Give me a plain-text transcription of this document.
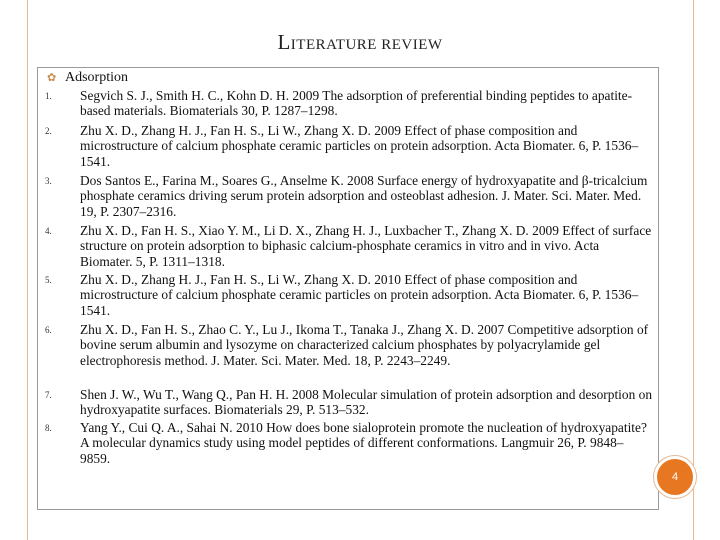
LITERATURE REVIEW
✿ Adsorption
1. Segvich S. J., Smith H. C., Kohn D. H. 2009 The adsorption of preferential binding peptides to apatite-based materials. Biomaterials 30, P. 1287–1298.
2. Zhu X. D., Zhang H. J., Fan H. S., Li W., Zhang X. D. 2009 Effect of phase composition and microstructure of calcium phosphate ceramic particles on protein adsorption. Acta Biomater. 6, P. 1536–1541.
3. Dos Santos E., Farina M., Soares G., Anselme K. 2008 Surface energy of hydroxyapatite and β-tricalcium phosphate ceramics driving serum protein adsorption and osteoblast adhesion. J. Mater. Sci. Mater. Med. 19, P. 2307–2316.
4. Zhu X. D., Fan H. S., Xiao Y. M., Li D. X., Zhang H. J., Luxbacher T., Zhang X. D. 2009 Effect of surface structure on protein adsorption to biphasic calcium-phosphate ceramics in vitro and in vivo. Acta Biomater. 5, P. 1311–1318.
5. Zhu X. D., Zhang H. J., Fan H. S., Li W., Zhang X. D. 2010 Effect of phase composition and microstructure of calcium phosphate ceramic particles on protein adsorption. Acta Biomater. 6, P. 1536–1541.
6. Zhu X. D., Fan H. S., Zhao C. Y., Lu J., Ikoma T., Tanaka J., Zhang X. D. 2007 Competitive adsorption of bovine serum albumin and lysozyme on characterized calcium phosphates by polyacrylamide gel electrophoresis method. J. Mater. Sci. Mater. Med. 18, P. 2243–2249.
7. Shen J. W., Wu T., Wang Q., Pan H. H. 2008 Molecular simulation of protein adsorption and desorption on hydroxyapatite surfaces. Biomaterials 29, P. 513–532.
8. Yang Y., Cui Q. A., Sahai N. 2010 How does bone sialoprotein promote the nucleation of hydroxyapatite? A molecular dynamics study using model peptides of different conformations. Langmuir 26, P. 9848–9859.
4
